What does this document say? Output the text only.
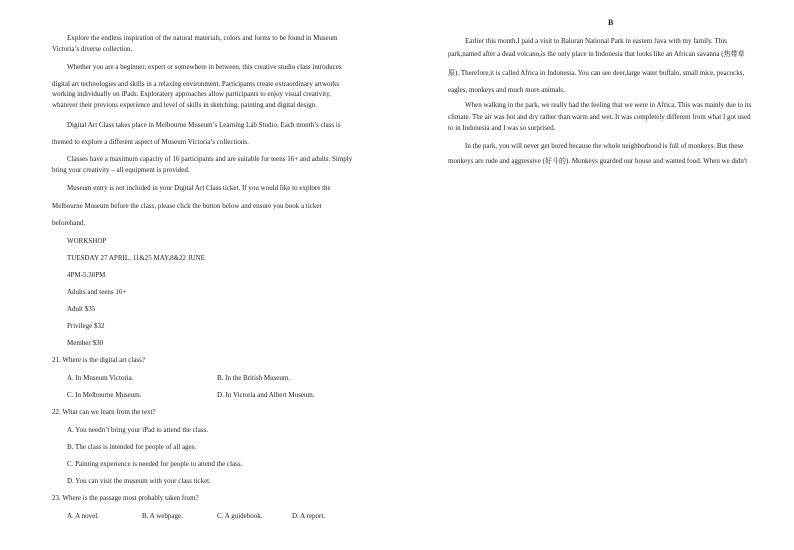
Explore the endless inspiration of the natural materials, colors and forms to be found in Museum
Victoria’s diverse collection.
Whether you are a beginner, expert or somewhere in between, this creative studio class introduces
digital art technologies and skills in a relaxing environment. Participants create extraordinary artworks
working individually on iPads. Exploratory approaches allow participants to enjoy visual creativity,
whatever their previous experience and level of skills in sketching, painting and digital design.
Digital Art Class takes place in Melbourne Museum’s Learning Lab Studio. Each month’s class is
themed to explore a different aspect of Museum Victoria’s collections.
Classes have a maximum capacity of 16 participants and are suitable for teens 16+ and adults. Simply
bring your creativity – all equipment is provided.
Museum entry is not included in your Digital Art Class ticket. If you would like to explore the
Melbourne Museum before the class, please click the button below and ensure you book a ticket
beforehand.
WORKSHOP
TUESDAY 27 APRIL, 11&25 MAY,8&22 JUNE
4PM-5.30PM
Adults and teens 16+
Adult $35
Privilege $32
Member $30
21. Where is the digital art class?
A. In Museum Victoria.	B. In the British Museum.
C. In Melbourne Museum.	D. In Victoria and Albert Museum.
22. What can we learn from the text?
A. You needn’t bring your iPad to attend the class.
B. The class is intended for people of all ages.
C. Painting experience is needed for people to attend the class.
D. You can visit the museum with your class ticket.
23. Where is the passage most probably taken from?
A. A novel.	B. A webpage.	C. A guidebook.	D. A report.
B
Earlier this month,I paid a visit to Baluran National Park in eastern Java with my family. This
park,named after a dead volcano,is the only place in Indonesia that looks like an African savanna (热带草
原). Therefore,it is called Africa in Indonesia. You can see deer,large water buffalo, small mice, peacocks,
eagles, monkeys and much more animals.
When walking in the park, we really had the feeling that we were in Africa. This was mainly due to its
climate. The air was hot and dry rather than warm and wet. It was completely different from what I got used
to in Indonesia and I was so surprised.
In the park, you will never get bored because the whole neighborhood is full of monkeys. But these
monkeys are rude and aggressive (好斗的). Monkeys guarded our house and wanted food. When we didn't
